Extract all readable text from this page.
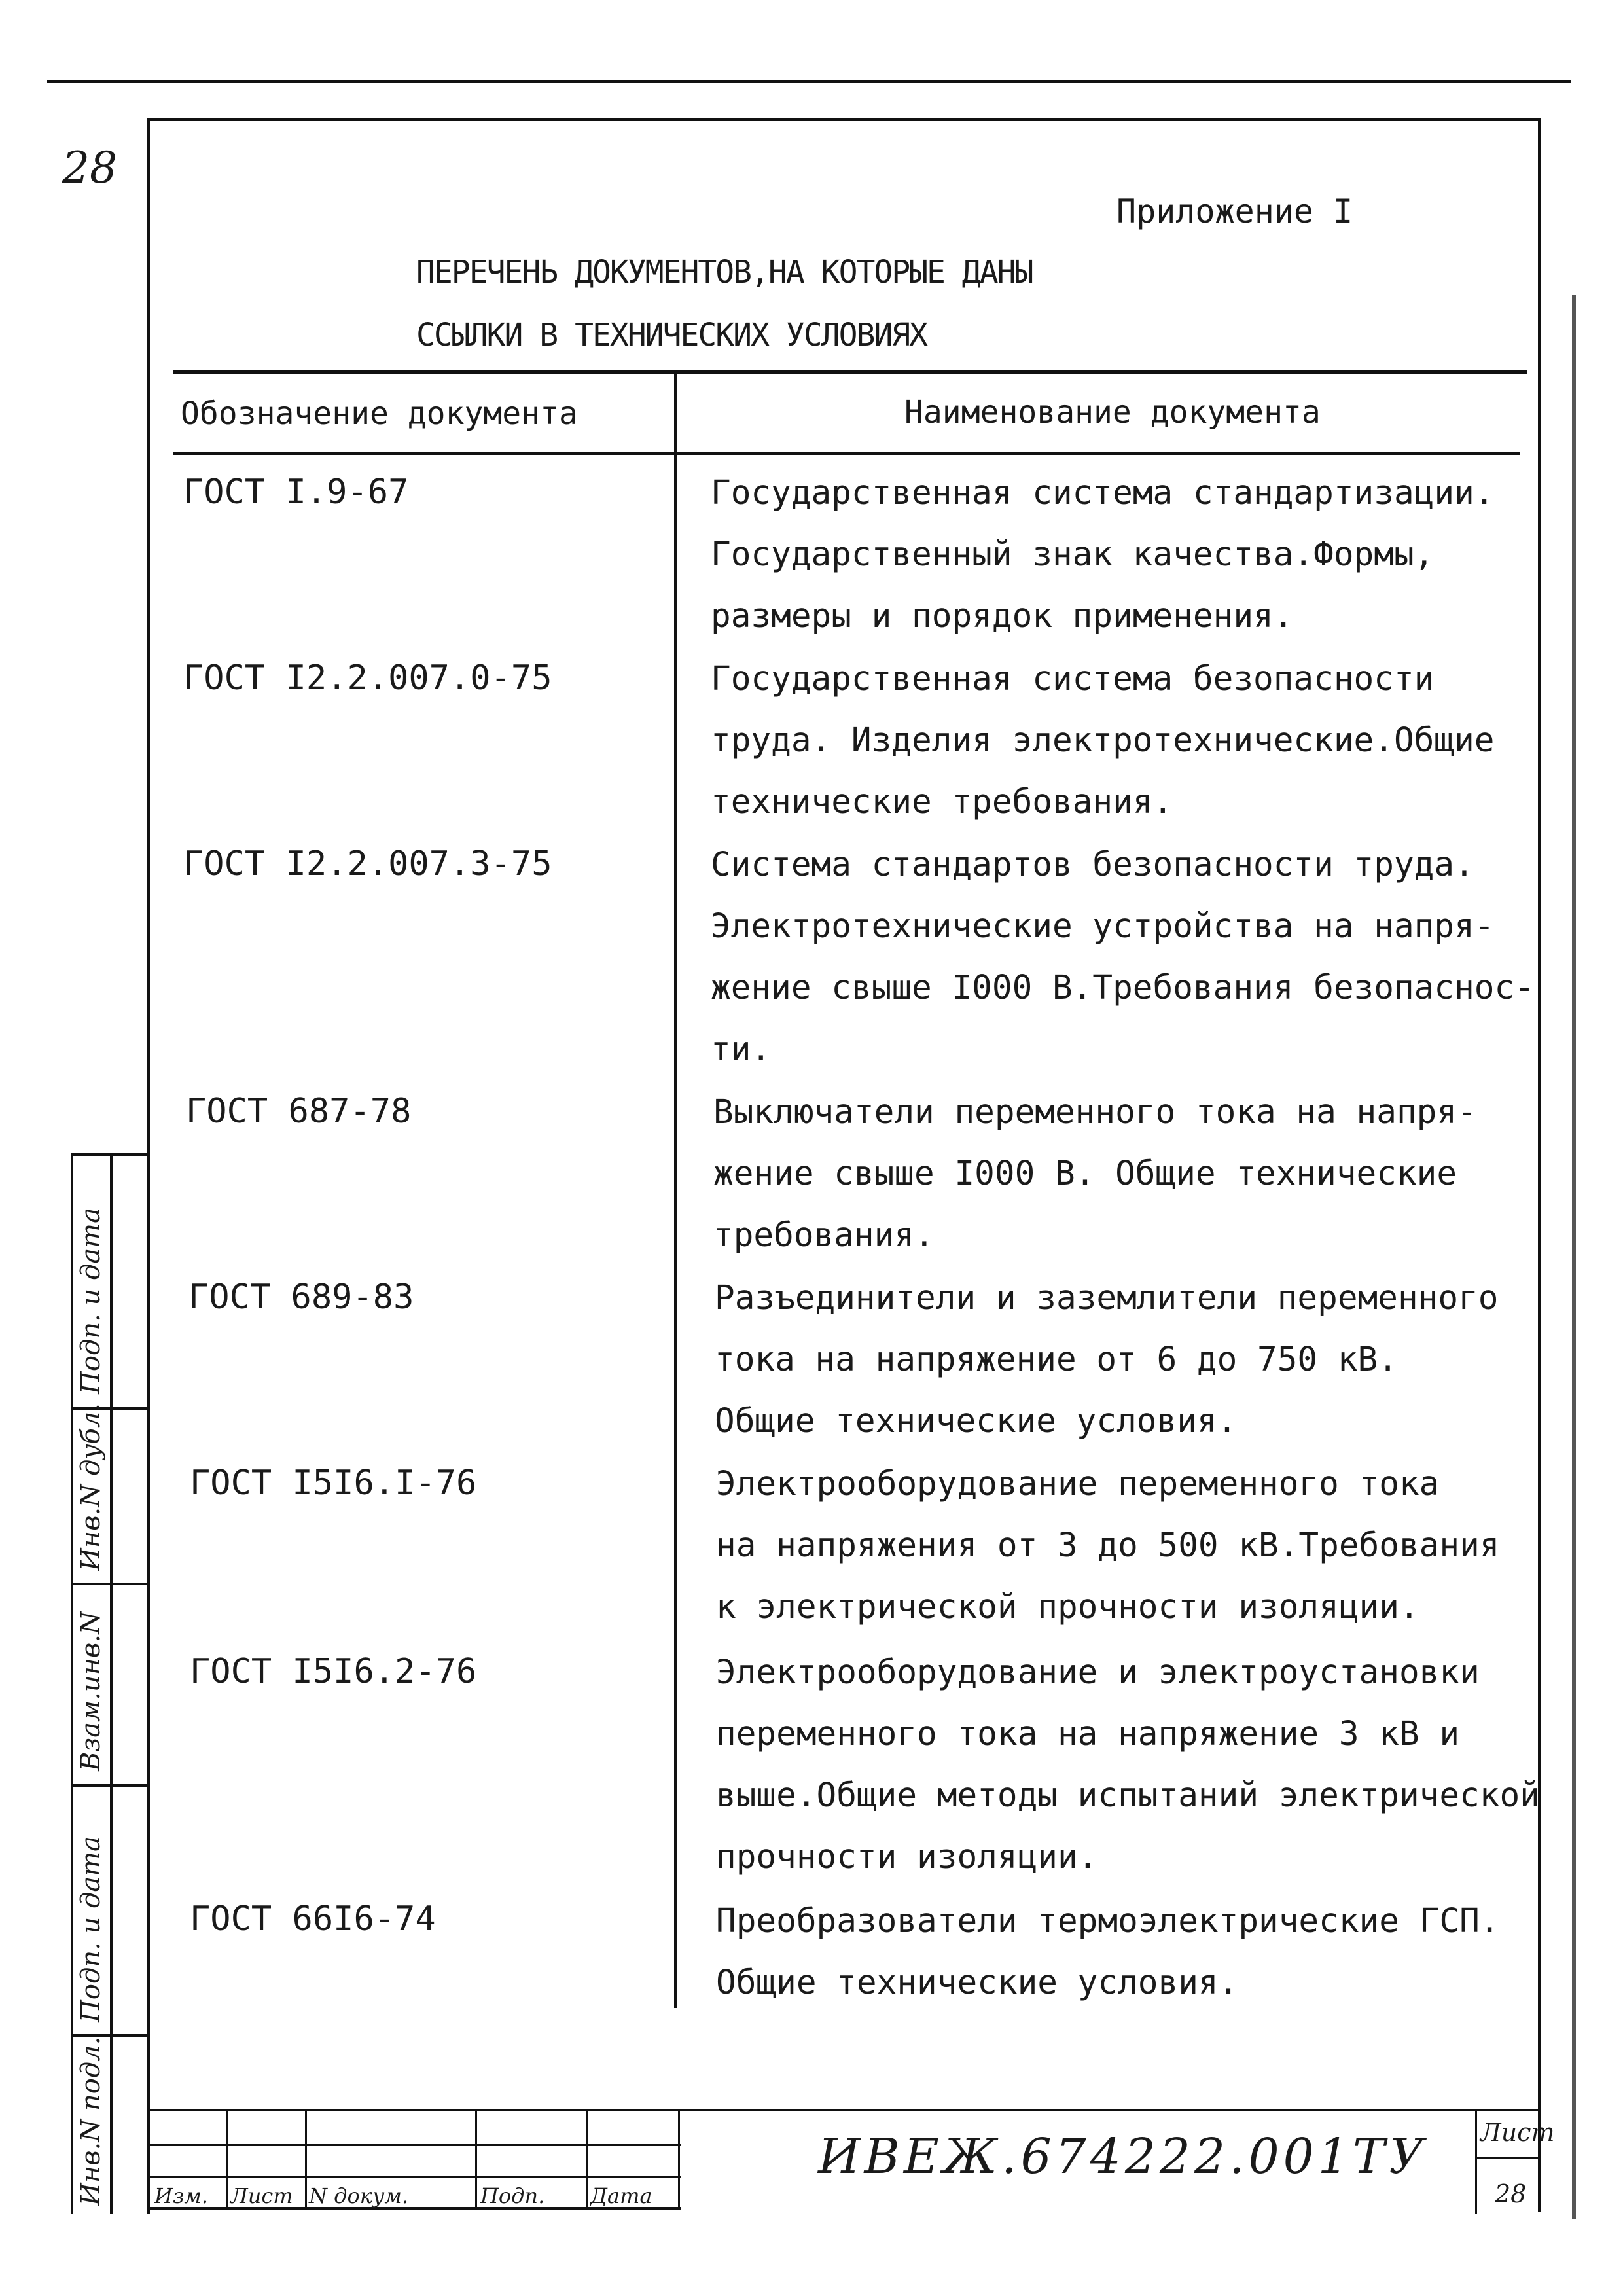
28
Приложение I
ПЕРЕЧЕНЬ ДОКУМЕНТОВ,НА КОТОРЫЕ ДАНЫ
ССЫЛКИ В ТЕХНИЧЕСКИХ УСЛОВИЯХ
Обозначение документа	Наименование документа
ГОСТ I.9-67	Государственная система стандартизации.
Государственный знак качества.Формы,
размеры и порядок применения.
ГОСТ I2.2.007.0-75	Государственная система безопасности
труда. Изделия электротехнические.Общие
технические требования.
ГОСТ I2.2.007.3-75	Система стандартов безопасности труда.
Электротехнические устройства на напря-
жение свыше I000 В.Требования безопаснос-
ти.
ГОСТ 687-78	Выключатели переменного тока на напря-
жение свыше I000 В. Общие технические
требования.
ГОСТ 689-83	Разъединители и заземлители переменного
тока на напряжение от 6 до 750 кВ.
Общие технические условия.
ГОСТ I5I6.I-76	Электрооборудование переменного тока
на напряжения от 3 до 500 кВ.Требования
к электрической прочности изоляции.
ГОСТ I5I6.2-76	Электрооборудование и электроустановки
переменного тока на напряжение 3 кВ и
выше.Общие методы испытаний электрической
прочности изоляции.
ГОСТ 66I6-74	Преобразователи термоэлектрические ГСП.
Общие технические условия.
Подп. и дата
Инв.N дубл.
Взам.инв.N
Подп. и дата
Инв.N подл. Изм. Лист N докум.	Подп. Дата
ИВЕЖ.674222.001ТУ Лист
28
